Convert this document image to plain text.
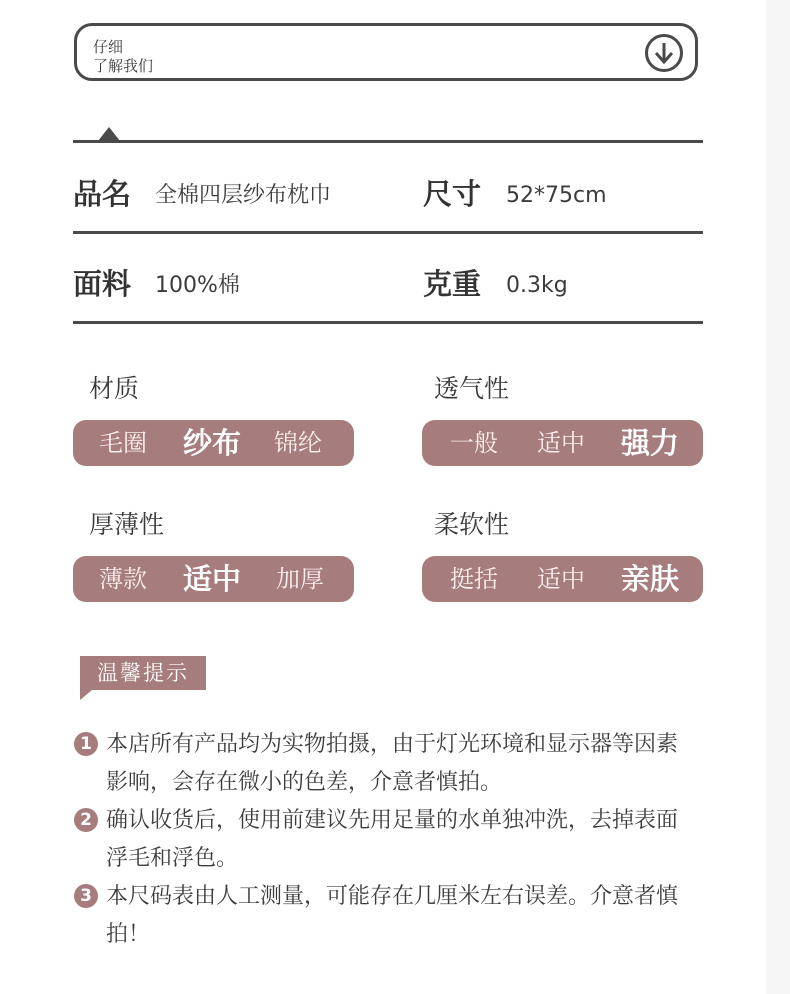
仔细
了解我们
品名 全棉四层纱布枕巾	尺寸 52*75cm
面料 100%棉	克重 0.3kg
材质
毛圈 纱布 锦纶
透气性
一般 适中 强力
厚薄性
薄款 适中 加厚
柔软性
挺括 适中 亲肤
温馨提示
1 本店所有产品均为实物拍摄，由于灯光环境和显示器等因素
影响，会存在微小的色差，介意者慎拍。
2 确认收货后，使用前建议先用足量的水单独冲洗，去掉表面
浮毛和浮色。
3 本尺码表由人工测量，可能存在几厘米左右误差。介意者慎
拍！
